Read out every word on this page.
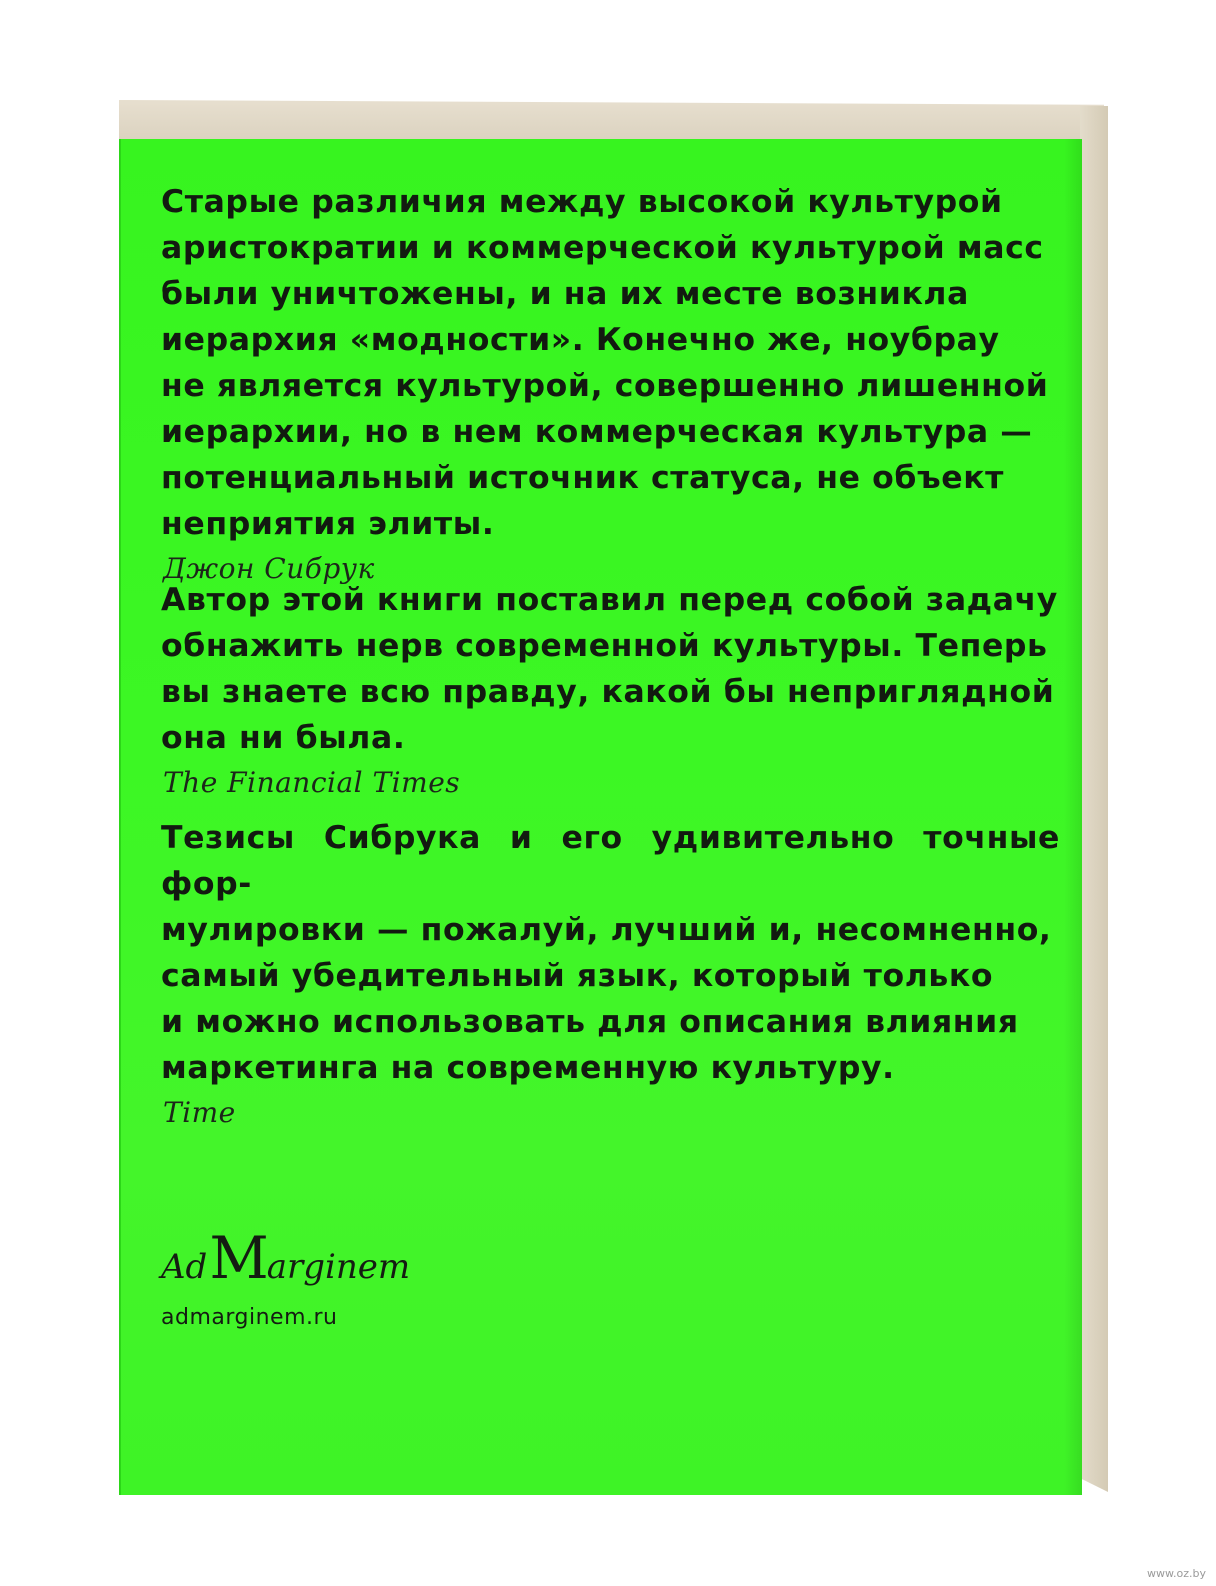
Старые различия между высокой культурой
аристократии и коммерческой культурой масс
были уничтожены, и на их месте возникла
иерархия «модности». Конечно же, ноубрау
не является культурой, совершенно лишенной
иерархии, но в нем коммерческая культура —
потенциальный источник статуса, не объект
неприятия элиты.

Джон Сибрук

Автор этой книги поставил перед собой задачу
обнажить нерв современной культуры. Теперь
вы знаете всю правду, какой бы неприглядной
она ни была.

The Financial Times

Тезисы Сибрука и его удивительно точные фор-
мулировки — пожалуй, лучший и, несомненно,
самый убедительный язык, который только
и можно использовать для описания влияния
маркетинга на современную культуру.

Time
AdMarginem
admarginem.ru
www.oz.by
